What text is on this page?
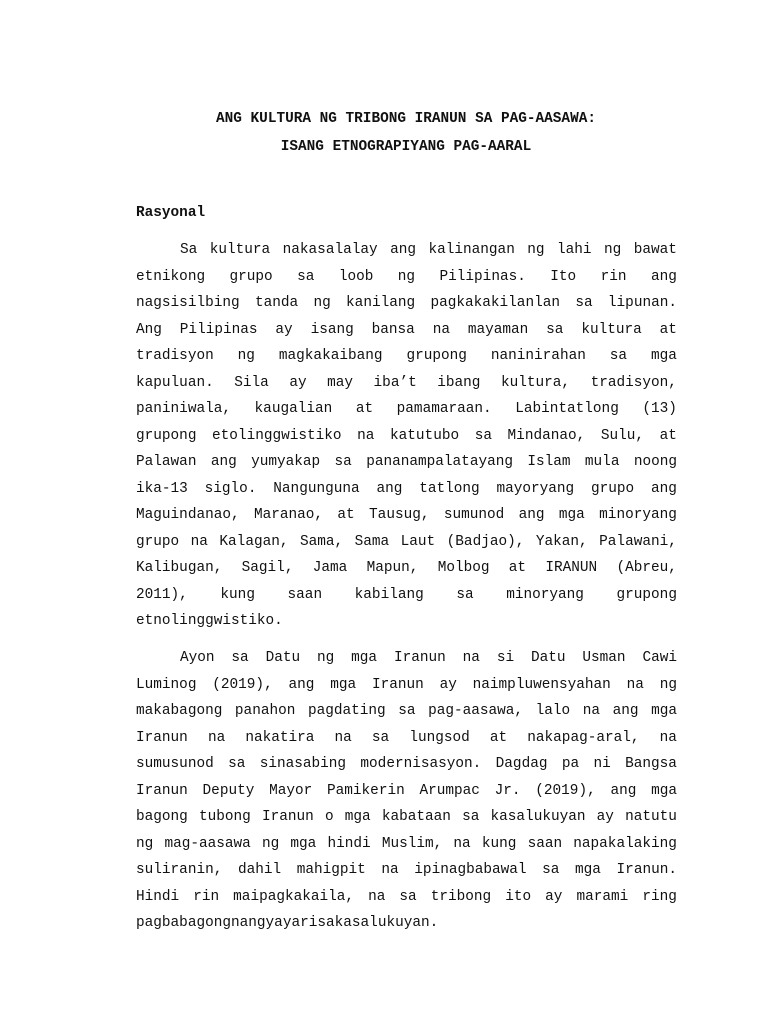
ANG KULTURA NG TRIBONG IRANUN SA PAG-AASAWA:

ISANG ETNOGRAPIYANG PAG-AARAL

Rasyonal

Sa kultura nakasalalay ang kalinangan ng lahi ng bawat
etnikong grupo sa loob ng Pilipinas. Ito rin ang
nagsisilbing tanda ng kanilang pagkakakilanlan sa lipunan.
Ang Pilipinas ay isang bansa na mayaman sa kultura at
tradisyon ng magkakaibang grupong naninirahan sa mga
kapuluan. Sila ay may iba’t ibang kultura, tradisyon,
paniniwala, kaugalian at pamamaraan. Labintatlong (13)
grupong etolinggwistiko na katutubo sa Mindanao, Sulu, at
Palawan ang yumyakap sa pananampalatayang Islam mula noong
ika-13 siglo. Nangunguna ang tatlong mayoryang grupo ang
Maguindanao, Maranao, at Tausug, sumunod ang mga minoryang
grupo na Kalagan, Sama, Sama Laut (Badjao), Yakan, Palawani,
Kalibugan, Sagil, Jama Mapun, Molbog at IRANUN (Abreu,
2011), kung saan kabilang sa minoryang grupong
etnolinggwistiko.
Ayon sa Datu ng mga Iranun na si Datu Usman Cawi
Luminog (2019), ang mga Iranun ay naimpluwensyahan na ng
makabagong panahon pagdating sa pag-aasawa, lalo na ang mga
Iranun na nakatira na sa lungsod at nakapag-aral, na
sumusunod sa sinasabing modernisasyon. Dagdag pa ni Bangsa
Iranun Deputy Mayor Pamikerin Arumpac Jr. (2019), ang mga
bagong tubong Iranun o mga kabataan sa kasalukuyan ay natutu
ng mag-aasawa ng mga hindi Muslim, na kung saan napakalaking
suliranin, dahil mahigpit na ipinagbabawal sa mga Iranun.
Hindi rin maipagkakaila, na sa tribong ito ay marami ring
pagbabagong nangyayari sa kasalukuyan.
